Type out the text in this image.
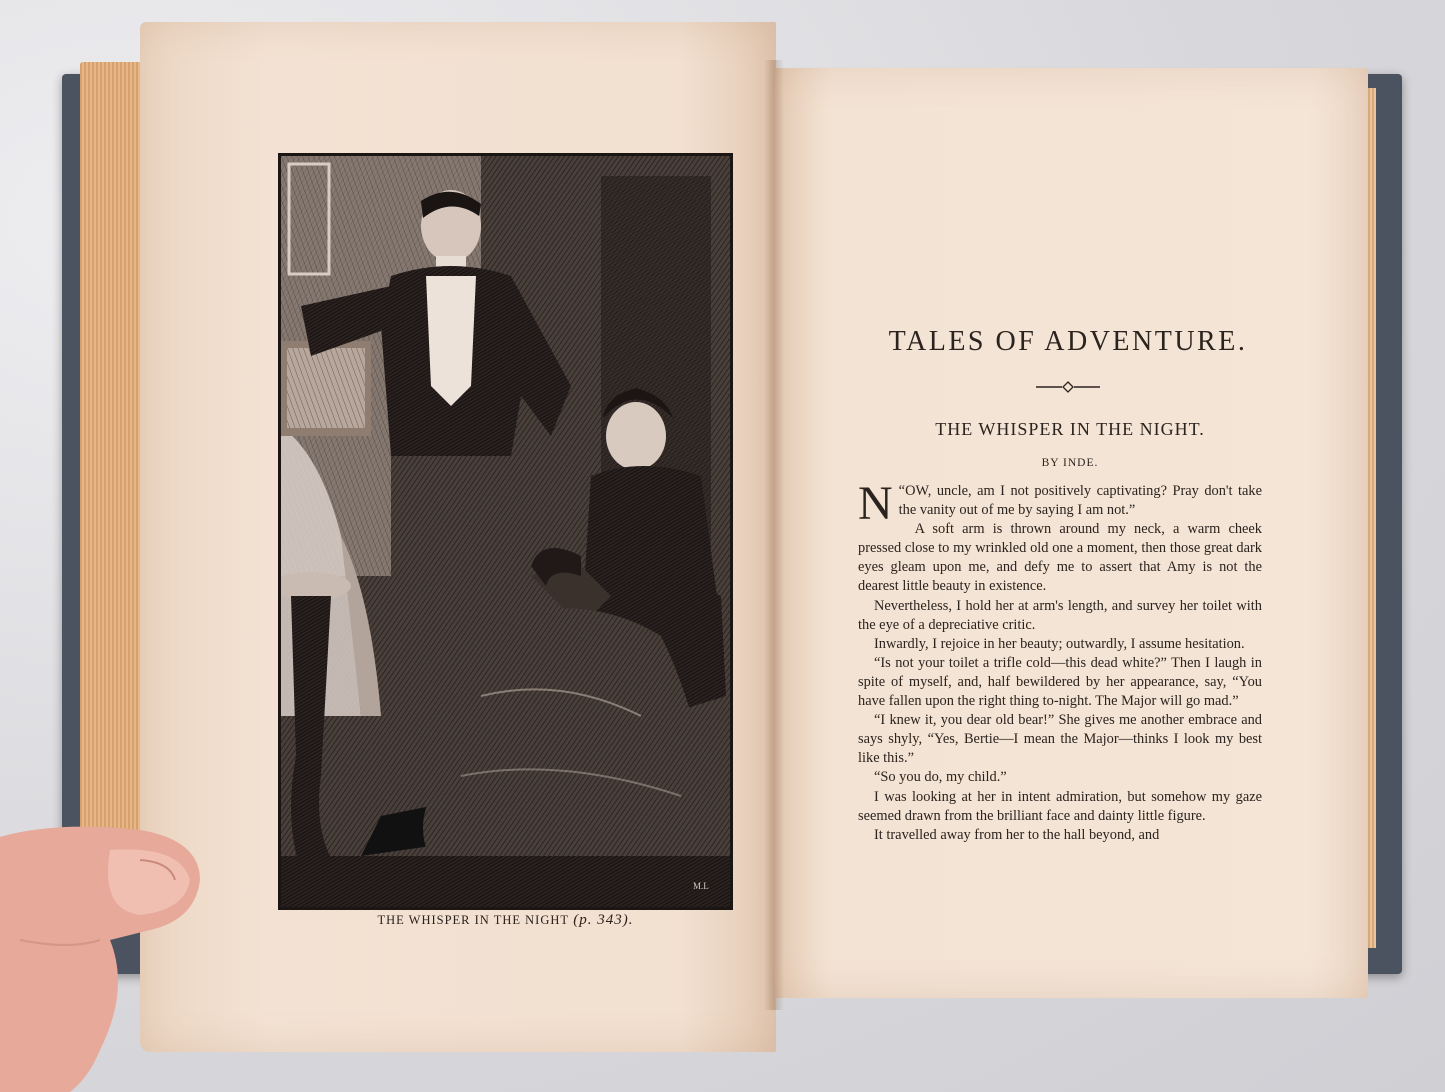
M.L
THE WHISPER IN THE NIGHT (p. 343).
TALES OF ADVENTURE.
THE WHISPER IN THE NIGHT.
BY INDE.

“
N OW, uncle, am I not positively captivating? Pray don't take the vanity out of me by saying I am not.”

A soft arm is thrown around my neck, a warm cheek pressed close to my wrinkled old one a moment, then those great dark eyes gleam upon me, and defy me to assert that Amy is not the dearest little beauty in existence.

Nevertheless, I hold her at arm's length, and survey her toilet with the eye of a depreciative critic.

Inwardly, I rejoice in her beauty; outwardly, I assume hesitation.

“Is not your toilet a trifle cold—this dead white?” Then I laugh in spite of myself, and, half bewildered by her appearance, say, “You have fallen upon the right thing to-night. The Major will go mad.”

“I knew it, you dear old bear!” She gives me another embrace and says shyly, “Yes, Bertie—I mean the Major—thinks I look my best like this.”

“So you do, my child.”

I was looking at her in intent admiration, but somehow my gaze seemed drawn from the brilliant face and dainty little figure.

It travelled away from her to the hall beyond, and
